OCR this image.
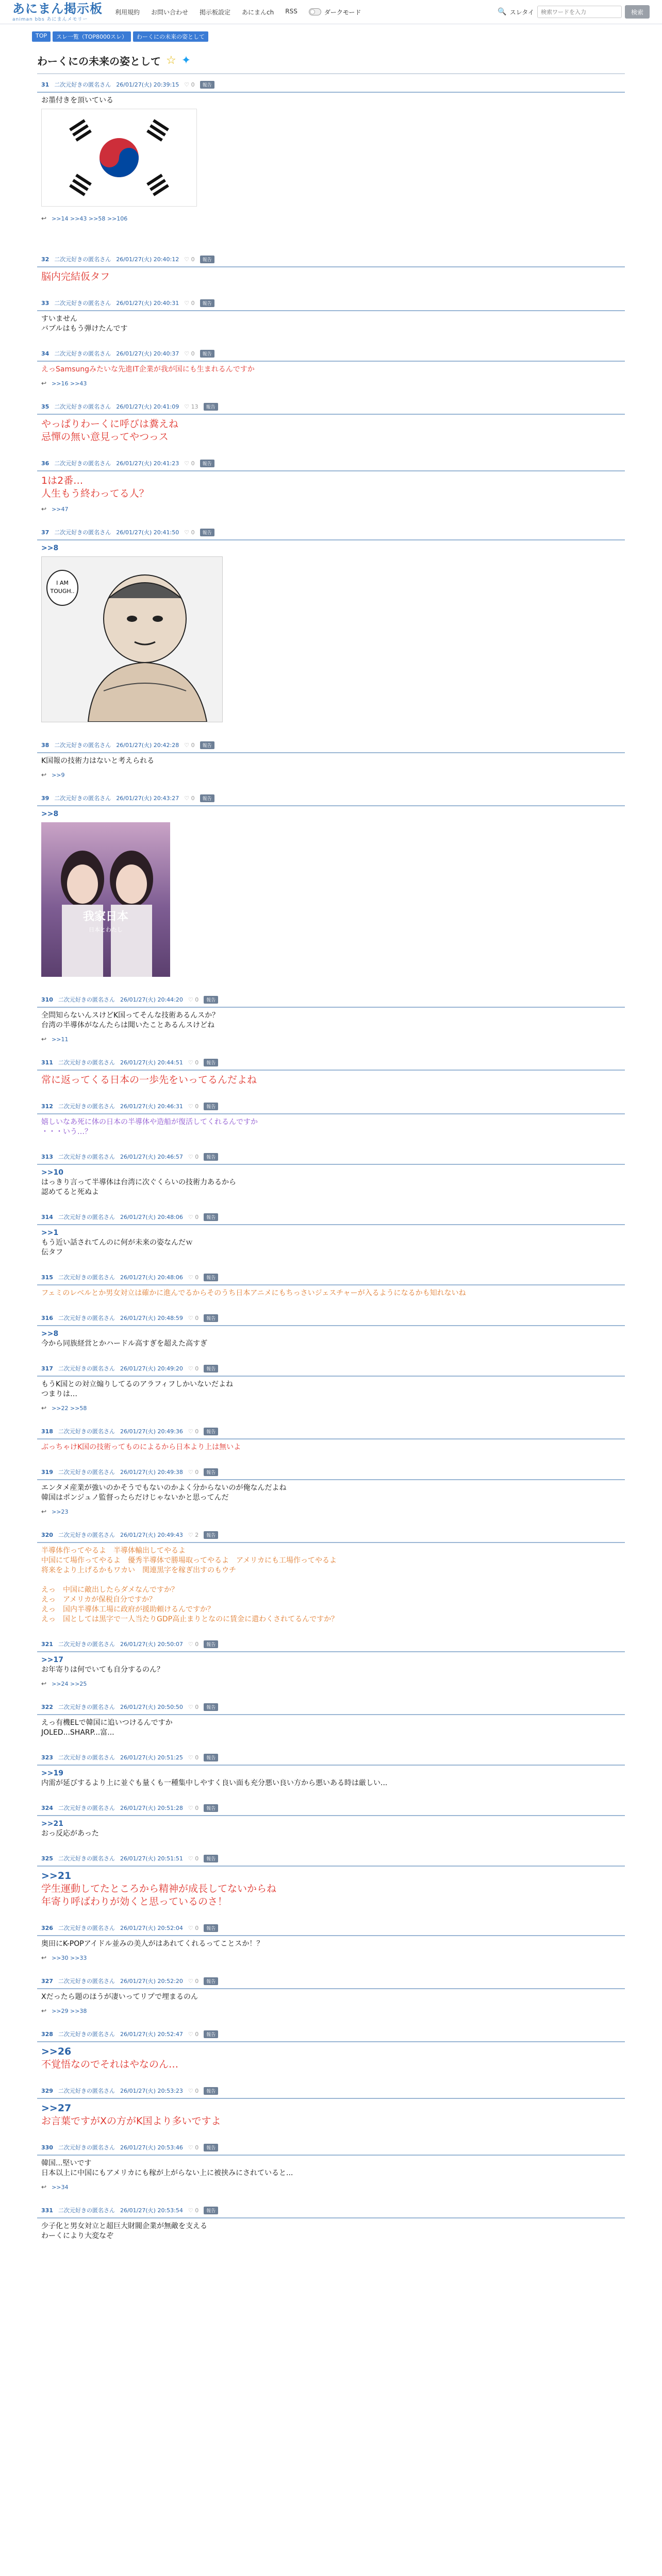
あにまん掲示板
animan bbs あにまんメモリー
利用規約 お問い合わせ 掲示板設定 あにまんch RSS	ダークモード	🔍 スレタイ
検索ワードを入力	検索
TOP	スレ一覧（TOP8000スレ）	わーくにの未来の姿として
わーくにの未来の姿として ☆ ✦
31 二次元好きの匿名さん 26/01/27(火) 20:39:15 ♡ 0	報告
お墨付きを頂いている
↩ >>14 >>43 >>58 >>106
32 二次元好きの匿名さん 26/01/27(火) 20:40:12 ♡ 0	報告
脳内完結仮タフ
33 二次元好きの匿名さん 26/01/27(火) 20:40:31 ♡ 0	報告
すいません
バブルはもう弾けたんです
34 二次元好きの匿名さん 26/01/27(火) 20:40:37 ♡ 0	報告
えっSamsungみたいな先進IT企業が我が国にも生まれるんですか
↩ >>16 >>43
35 二次元好きの匿名さん 26/01/27(火) 20:41:09 ♡ 13	報告
やっぱりわーくに呼びは糞えね
忌憚の無い意見ってやつっス
36 二次元好きの匿名さん 26/01/27(火) 20:41:23 ♡ 0	報告
1は2番…
人生もう終わってる人？
↩ >>47
37 二次元好きの匿名さん 26/01/27(火) 20:41:50 ♡ 0	報告
>>8
I AM
TOUGH..
38 二次元好きの匿名さん 26/01/27(火) 20:42:28 ♡ 0	報告
K国報の技術力はないと考えられる
↩ >>9
39 二次元好きの匿名さん 26/01/27(火) 20:43:27 ♡ 0	報告
>>8
我家日本
日本とわたし
310 二次元好きの匿名さん 26/01/27(火) 20:44:20 ♡ 0	報告
全問知らないんスけどK国ってそんな技術あるんスか？
台湾の半導体がなんたらは聞いたことあるんスけどね
↩ >>11
311 二次元好きの匿名さん 26/01/27(火) 20:44:51 ♡ 0	報告
常に返ってくる日本の一歩先をいってるんだよね
312 二次元好きの匿名さん 26/01/27(火) 20:46:31 ♡ 0	報告
嬉しいなあ死に体の日本の半導体や造船が復活してくれるんですか
・・・いう…？
313 二次元好きの匿名さん 26/01/27(火) 20:46:57 ♡ 0	報告
>>10
はっきり言って半導体は台湾に次ぐくらいの技術力あるから
認めてると死ぬよ
314 二次元好きの匿名さん 26/01/27(火) 20:48:06 ♡ 0	報告
>>1
もう近い話されてんのに何が未来の姿なんだｗ
伝タフ
315 二次元好きの匿名さん 26/01/27(火) 20:48:06 ♡ 0	報告
フェミのレベルとか男女対立は確かに進んでるからそのうち日本アニメにもちっさいジェスチャーが入るようになるかも知れないね
316 二次元好きの匿名さん 26/01/27(火) 20:48:59 ♡ 0	報告
>>8
今から同族経営とかハードル高すぎを超えた高すぎ
317 二次元好きの匿名さん 26/01/27(火) 20:49:20 ♡ 0	報告
もうK国との対立煽りしてるのアラフィフしかいないだよね
つまりは…
↩ >>22 >>58
318 二次元好きの匿名さん 26/01/27(火) 20:49:36 ♡ 0	報告
ぶっちゃけK国の技術ってものによるから日本より上は無いよ
319 二次元好きの匿名さん 26/01/27(火) 20:49:38 ♡ 0	報告
エンタメ産業が強いのかそうでもないのかよく分からないのが俺なんだよね
韓国はポンジュノ監督ったらだけじゃないかと思ってんだ
↩ >>23
320 二次元好きの匿名さん 26/01/27(火) 20:49:43 ♡ 2	報告
半導体作ってやるよ　半導体輸出してやるよ
中国にて場作ってやるよ　優秀半導体で勝場取ってやるよ　アメリカにも工場作ってやるよ
将来をより上げるかもワカい　関連黒字を稼ぎ出すのもウチ
えっ　中国に敵出したらダメなんですか？
えっ　アメリカが保税自分ですか？
えっ　国内半導体工場に政府が援助頼けるんですか？
えっ　国としては黒字で一人当たりGDP高止まりとなのに賃金に遣わくされてるんですか？
321 二次元好きの匿名さん 26/01/27(火) 20:50:07 ♡ 0	報告
>>17
お年寄りは何でいても自分するのん？
↩ >>24 >>25
322 二次元好きの匿名さん 26/01/27(火) 20:50:50 ♡ 0	報告
えっ有機ELで韓国に追いつけるんですか
JOLED...SHARP...富...
323 二次元好きの匿名さん 26/01/27(火) 20:51:25 ♡ 0	報告
>>19
内需が延びするより上に並ぐも量くも一種集中しやすく良い面も充分悪い良い方から悪いある時は厳しい...
324 二次元好きの匿名さん 26/01/27(火) 20:51:28 ♡ 0	報告
>>21
おっ反応があった
325 二次元好きの匿名さん 26/01/27(火) 20:51:51 ♡ 0	報告
>>21
学生運動してたところから精神が成長してないからね
年寄り呼ばわりが効くと思っているのさ！
326 二次元好きの匿名さん 26/01/27(火) 20:52:04 ♡ 0	報告
奥田にK-POPアイドル並みの美人がはあれてくれるってことスか！？
↩ >>30 >>33
327 二次元好きの匿名さん 26/01/27(火) 20:52:20 ♡ 0	報告
Xだったら題のほうが凄いってリプで埋まるのん
↩ >>29 >>38
328 二次元好きの匿名さん 26/01/27(火) 20:52:47 ♡ 0	報告
>>26
不覚悟なのでそれはやなのん…
329 二次元好きの匿名さん 26/01/27(火) 20:53:23 ♡ 0	報告
>>27
お言葉ですがXの方がK国より多いですよ
330 二次元好きの匿名さん 26/01/27(火) 20:53:46 ♡ 0	報告
韓国...堅いです
日本以上に中国にもアメリカにも稼が上がらない上に被挟みにされていると...
↩ >>34
331 二次元好きの匿名さん 26/01/27(火) 20:53:54 ♡ 0	報告
少子化と男女対立と超巨大財閥企業が無敵を支える
わーくにより大変なぞ
